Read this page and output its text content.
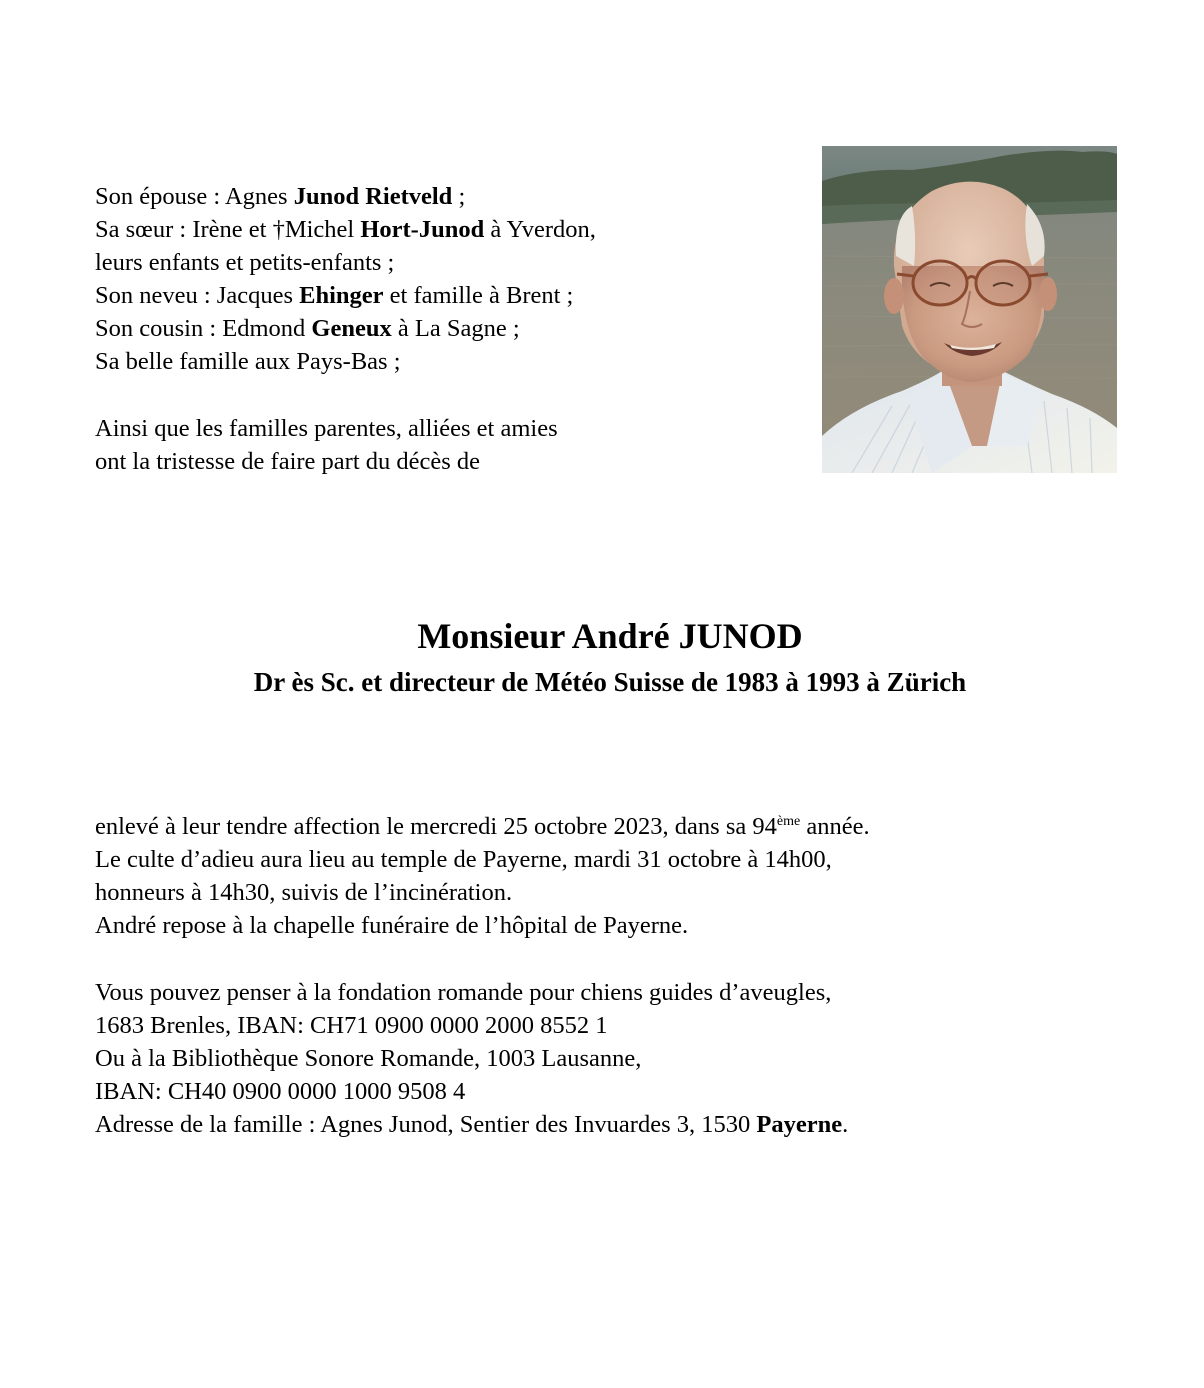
Son épouse : Agnes Junod Rietveld ;
Sa sœur : Irène et †Michel Hort-Junod à Yverdon,
leurs enfants et petits-enfants ;
Son neveu : Jacques Ehinger et famille à Brent ;
Son cousin : Edmond Geneux à La Sagne ;
Sa belle famille aux Pays-Bas ;
Ainsi que les familles parentes, alliées et amies
ont la tristesse de faire part du décès de
Monsieur André JUNOD
Dr ès Sc. et directeur de Météo Suisse de 1983 à 1993 à Zürich
enlevé à leur tendre affection le mercredi 25 octobre 2023, dans sa 94ème année.
Le culte d’adieu aura lieu au temple de Payerne, mardi 31 octobre à 14h00,
honneurs à 14h30, suivis de l’incinération.
André repose à la chapelle funéraire de l’hôpital de Payerne.
Vous pouvez penser à la fondation romande pour chiens guides d’aveugles,
1683 Brenles, IBAN: CH71 0900 0000 2000 8552 1
Ou à la Bibliothèque Sonore Romande, 1003 Lausanne,
IBAN: CH40 0900 0000 1000 9508 4
Adresse de la famille : Agnes Junod, Sentier des Invuardes 3, 1530 Payerne.
